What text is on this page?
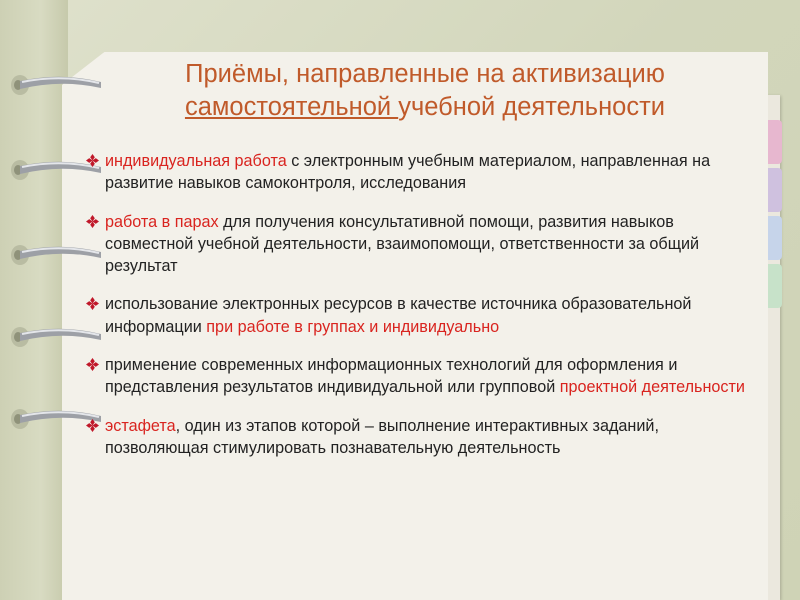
Приёмы, направленные на активизацию
самостоятельной учебной деятельности
индивидуальная работа с электронным учебным материалом, направленная на развитие навыков самоконтроля, исследования
работа в парах для получения консультативной помощи, развития навыков совместной учебной деятельности, взаимопомощи, ответственности за общий результат
использование электронных ресурсов в качестве источника образовательной информации при работе в группах и индивидуально
применение современных информационных технологий для оформления и представления результатов индивидуальной или групповой проектной деятельности
эстафета, один из этапов которой – выполнение интерактивных заданий, позволяющая стимулировать познавательную деятельность
